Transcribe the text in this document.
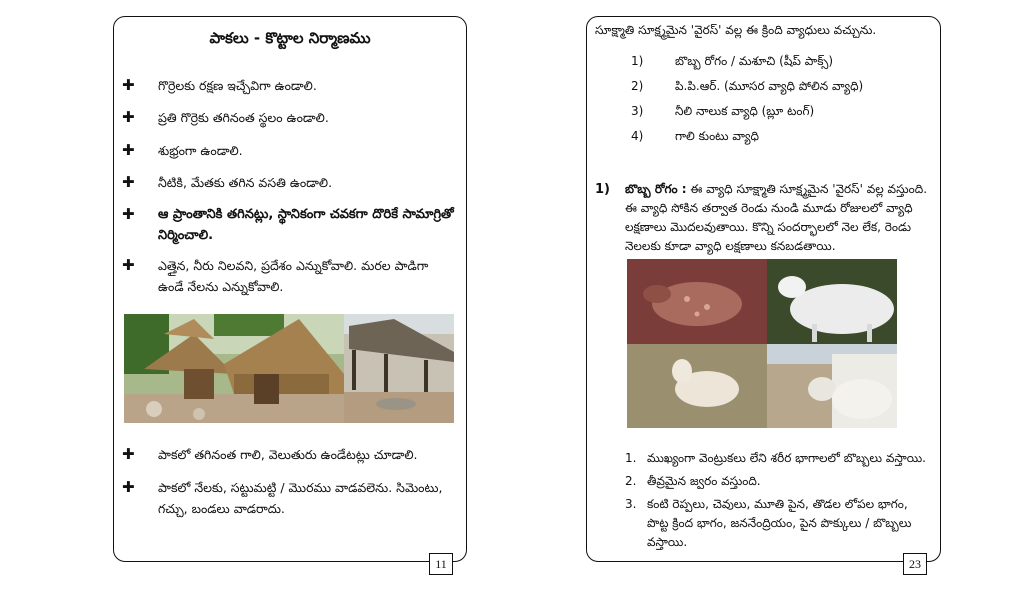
పాకలు - కొట్టాల నిర్మాణము
✚ గొర్రెలకు రక్షణ ఇచ్చేవిగా ఉండాలి.
✚ ప్రతి గొర్రెకు తగినంత స్థలం ఉండాలి.
✚ శుభ్రంగా ఉండాలి.
✚ నీటికి, మేతకు తగిన వసతి ఉండాలి.
✚ ఆ ప్రాంతానికి తగినట్లు, స్థానికంగా చవకగా దొరికే సామాగ్రితో నిర్మించాలి.
✚ ఎత్తైన, నీరు నిలవని, ప్రదేశం ఎన్నుకోవాలి. మరల పాడిగా ఉండే నేలను ఎన్నుకోవాలి.
✚ పాకలో తగినంత గాలి, వెలుతురు ఉండేటట్లు చూడాలి.
✚ పాకలో నేలకు, సట్టుమట్టి / మొరము వాడవలెను. సిమెంటు, గచ్చు, బండలు వాడరాదు.
11
సూక్ష్మాతి సూక్ష్మమైన 'వైరస్' వల్ల ఈ క్రింది వ్యాధులు వచ్చును.
1)	బొబ్బ రోగం / మశూచి (షీప్ పాక్స్)
2)	పి.పి.ఆర్. (మూసర వ్యాధి పోలిన వ్యాధి)
3)	నీలి నాలుక వ్యాధి (బ్లూ టంగ్)
4)	గాలి కుంటు వ్యాధి
1) బొబ్బ రోగం : ఈ వ్యాధి సూక్ష్మాతి సూక్ష్మమైన 'వైరస్' వల్ల వస్తుంది. ఈ వ్యాధి సోకిన తర్వాత రెండు నుండి మూడు రోజులలో వ్యాధి లక్షణాలు మొదలవుతాయి. కొన్ని సందర్భాలలో నెల లేక, రెండు నెలలకు కూడా వ్యాధి లక్షణాలు కనబడతాయి.
1. ముఖ్యంగా వెంట్రుకలు లేని శరీర భాగాలలో బొబ్బలు వస్తాయి.
2. తీవ్రమైన జ్వరం వస్తుంది.
3. కంటి రెప్పలు, చెవులు, మూతి పైన, తొడల లోపల భాగం, పొట్ట క్రింద భాగం, జననేంద్రియం, పైన పొక్కులు / బొబ్బలు వస్తాయి.
23
